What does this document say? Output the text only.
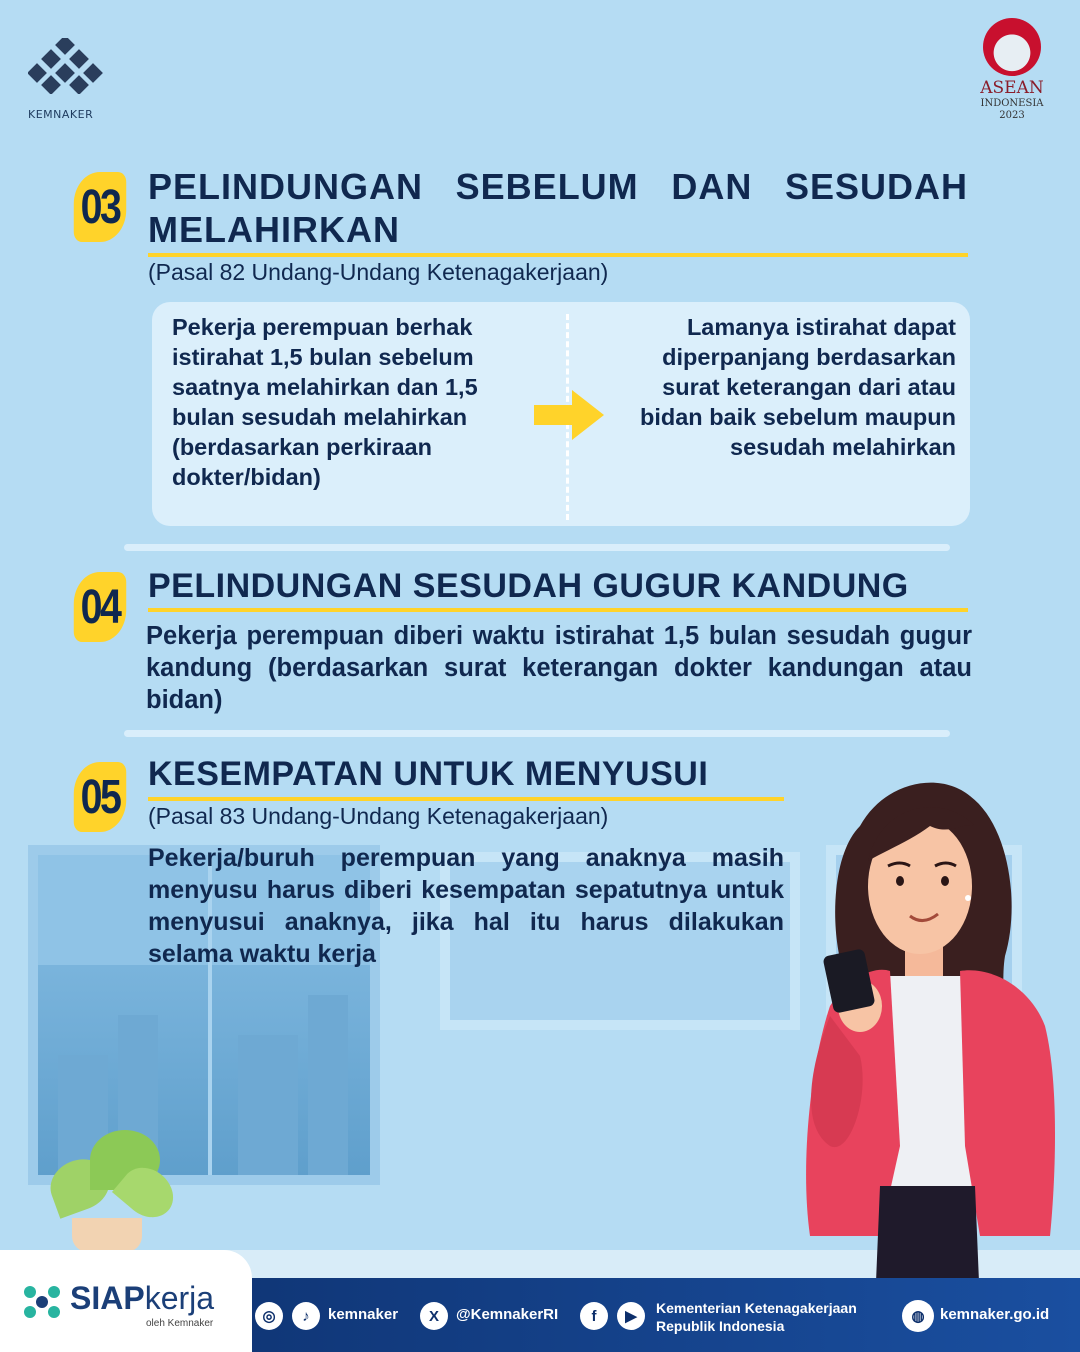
KEMNAKER
ASEAN
INDONESIA
2023
03 PELINDUNGAN SEBELUM DAN SESUDAH
MELAHIRKAN
(Pasal 82 Undang-Undang Ketenagakerjaan)
Pekerja perempuan berhak istirahat 1,5 bulan sebelum saatnya melahirkan dan 1,5 bulan sesudah melahirkan (berdasarkan perkiraan dokter/bidan)
Lamanya istirahat dapat diperpanjang berdasarkan surat keterangan dari atau bidan baik sebelum maupun sesudah melahirkan
04 PELINDUNGAN SESUDAH GUGUR KANDUNG
Pekerja perempuan diberi waktu istirahat 1,5 bulan sesudah gugur kandung (berdasarkan surat keterangan dokter kandungan atau bidan)
05 KESEMPATAN UNTUK MENYUSUI
(Pasal 83 Undang-Undang Ketenagakerjaan)
Pekerja/buruh perempuan yang anaknya masih menyusu harus diberi kesempatan sepatutnya untuk menyusui anaknya, jika hal itu harus dilakukan selama waktu kerja
SIAPkerja
oleh Kemnaker	◎	♪	kemnaker	X	@KemnakerRI	f	▶	Kementerian Ketenagakerjaan
Republik Indonesia
◍	kemnaker.go.id
